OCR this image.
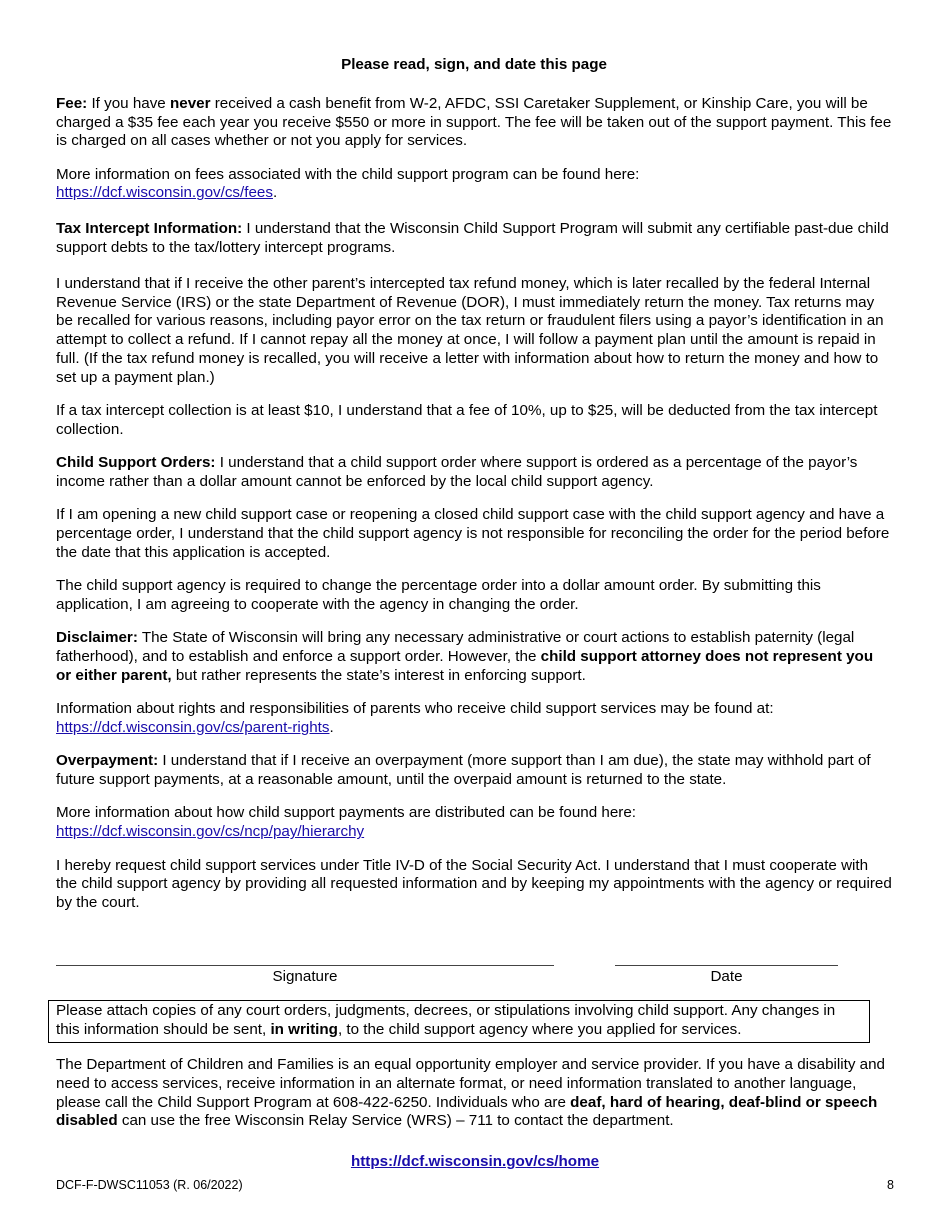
Please read, sign, and date this page

Fee: If you have never received a cash benefit from W-2, AFDC, SSI Caretaker Supplement, or Kinship Care, you will be charged a $35 fee each year you receive $550 or more in support. The fee will be taken out of the support payment. This fee is charged on all cases whether or not you apply for services.

More information on fees associated with the child support program can be found here:
https://dcf.wisconsin.gov/cs/fees.

Tax Intercept Information: I understand that the Wisconsin Child Support Program will submit any certifiable past-due child support debts to the tax/lottery intercept programs.

I understand that if I receive the other parent’s intercepted tax refund money, which is later recalled by the federal Internal Revenue Service (IRS) or the state Department of Revenue (DOR), I must immediately return the money. Tax returns may be recalled for various reasons, including payor error on the tax return or fraudulent filers using a payor’s identification in an attempt to collect a refund. If I cannot repay all the money at once, I will follow a payment plan until the amount is repaid in full. (If the tax refund money is recalled, you will receive a letter with information about how to return the money and how to set up a payment plan.)

If a tax intercept collection is at least $10, I understand that a fee of 10%, up to $25, will be deducted from the tax intercept collection.

Child Support Orders: I understand that a child support order where support is ordered as a percentage of the payor’s income rather than a dollar amount cannot be enforced by the local child support agency.

If I am opening a new child support case or reopening a closed child support case with the child support agency and have a percentage order, I understand that the child support agency is not responsible for reconciling the order for the period before the date that this application is accepted.

The child support agency is required to change the percentage order into a dollar amount order. By submitting this application, I am agreeing to cooperate with the agency in changing the order.

Disclaimer: The State of Wisconsin will bring any necessary administrative or court actions to establish paternity (legal fatherhood), and to establish and enforce a support order. However, the child support attorney does not represent you or either parent, but rather represents the state’s interest in enforcing support.

Information about rights and responsibilities of parents who receive child support services may be found at:
https://dcf.wisconsin.gov/cs/parent-rights.

Overpayment: I understand that if I receive an overpayment (more support than I am due), the state may withhold part of future support payments, at a reasonable amount, until the overpaid amount is returned to the state.

More information about how child support payments are distributed can be found here:
https://dcf.wisconsin.gov/cs/ncp/pay/hierarchy

I hereby request child support services under Title IV-D of the Social Security Act. I understand that I must cooperate with the child support agency by providing all requested information and by keeping my appointments with the agency or required by the court.

Signature	Date
Please attach copies of any court orders, judgments, decrees, or stipulations involving child support. Any changes in this information should be sent, in writing, to the child support agency where you applied for services.
The Department of Children and Families is an equal opportunity employer and service provider. If you have a disability and need to access services, receive information in an alternate format, or need information translated to another language, please call the Child Support Program at 608-422-6250. Individuals who are deaf, hard of hearing, deaf-blind or speech disabled can use the free Wisconsin Relay Service (WRS) – 711 to contact the department.
https://dcf.wisconsin.gov/cs/home
DCF-F-DWSC11053 (R. 06/2022)	8
